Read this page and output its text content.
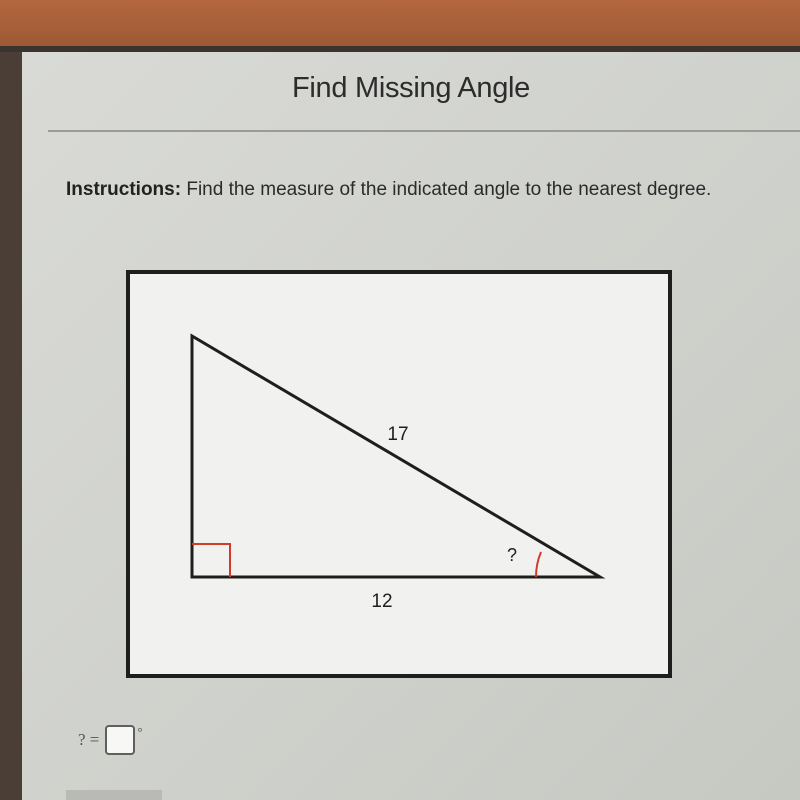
Find Missing Angle
Instructions: Find the measure of the indicated angle to the nearest degree.
17
12
?
? =	°
